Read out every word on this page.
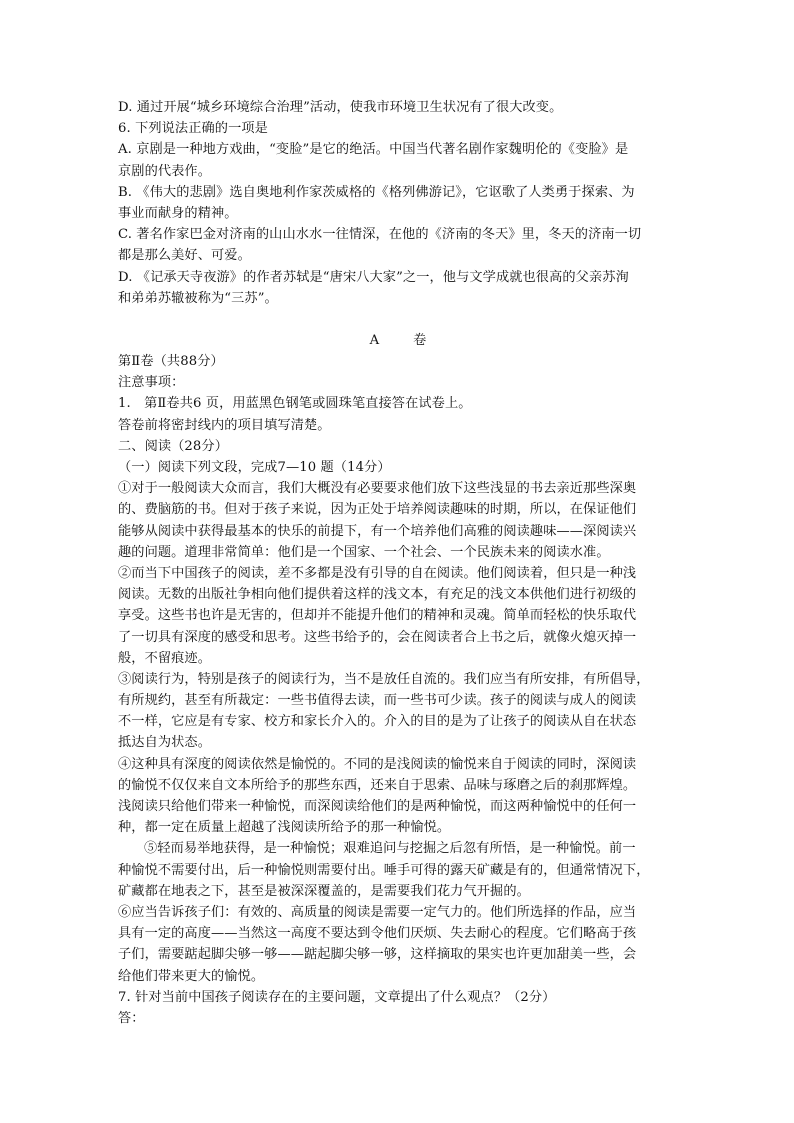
D. 通过开展“城乡环境综合治理”活动，使我市环境卫生状况有了很大改变。
6. 下列说法正确的一项是
A. 京剧是一种地方戏曲，“变脸”是它的绝活。中国当代著名剧作家魏明伦的《变脸》是
京剧的代表作。
B. 《伟大的悲剧》选自奥地利作家茨威格的《格列佛游记》，它讴歌了人类勇于探索、为
事业而献身的精神。
C. 著名作家巴金对济南的山山水水一往情深，在他的《济南的冬天》里，冬天的济南一切
都是那么美好、可爱。
D. 《记承天寺夜游》的作者苏轼是“唐宋八大家”之一，他与文学成就也很高的父亲苏洵
和弟弟苏辙被称为“三苏”。
A	卷
第Ⅱ卷（共88分）
注意事项：
1.　第Ⅱ卷共6 页，用蓝黑色钢笔或圆珠笔直接答在试卷上。
答卷前将密封线内的项目填写清楚。
二、阅读（28分）
（一）阅读下列文段，完成7—10 题（14分）
①对于一般阅读大众而言，我们大概没有必要要求他们放下这些浅显的书去亲近那些深奥
的、费脑筋的书。但对于孩子来说，因为正处于培养阅读趣味的时期，所以，在保证他们
能够从阅读中获得最基本的快乐的前提下，有一个培养他们高雅的阅读趣味——深阅读兴
趣的问题。道理非常简单：他们是一个国家、一个社会、一个民族未来的阅读水准。
②而当下中国孩子的阅读，差不多都是没有引导的自在阅读。他们阅读着，但只是一种浅
阅读。无数的出版社争相向他们提供着这样的浅文本，有充足的浅文本供他们进行初级的
享受。这些书也许是无害的，但却并不能提升他们的精神和灵魂。简单而轻松的快乐取代
了一切具有深度的感受和思考。这些书给予的，会在阅读者合上书之后，就像火熄灭掉一
般，不留痕迹。
③阅读行为，特别是孩子的阅读行为，当不是放任自流的。我们应当有所安排，有所倡导，
有所规约，甚至有所裁定：一些书值得去读，而一些书可少读。孩子的阅读与成人的阅读
不一样，它应是有专家、校方和家长介入的。介入的目的是为了让孩子的阅读从自在状态
抵达自为状态。
④这种具有深度的阅读依然是愉悦的。不同的是浅阅读的愉悦来自于阅读的同时，深阅读
的愉悦不仅仅来自文本所给予的那些东西，还来自于思索、品味与琢磨之后的刹那辉煌。
浅阅读只给他们带来一种愉悦，而深阅读给他们的是两种愉悦，而这两种愉悦中的任何一
种，都一定在质量上超越了浅阅读所给予的那一种愉悦。
⑤轻而易举地获得，是一种愉悦；艰难追问与挖掘之后忽有所悟，是一种愉悦。前一
种愉悦不需要付出，后一种愉悦则需要付出。唾手可得的露天矿藏是有的，但通常情况下，
矿藏都在地表之下，甚至是被深深覆盖的，是需要我们花力气开掘的。
⑥应当告诉孩子们：有效的、高质量的阅读是需要一定气力的。他们所选择的作品，应当
具有一定的高度——当然这一高度不要达到令他们厌烦、失去耐心的程度。它们略高于孩
子们，需要踮起脚尖够一够——踮起脚尖够一够，这样摘取的果实也许更加甜美一些，会
给他们带来更大的愉悦。
7. 针对当前中国孩子阅读存在的主要问题，文章提出了什么观点？（2分）
答：
